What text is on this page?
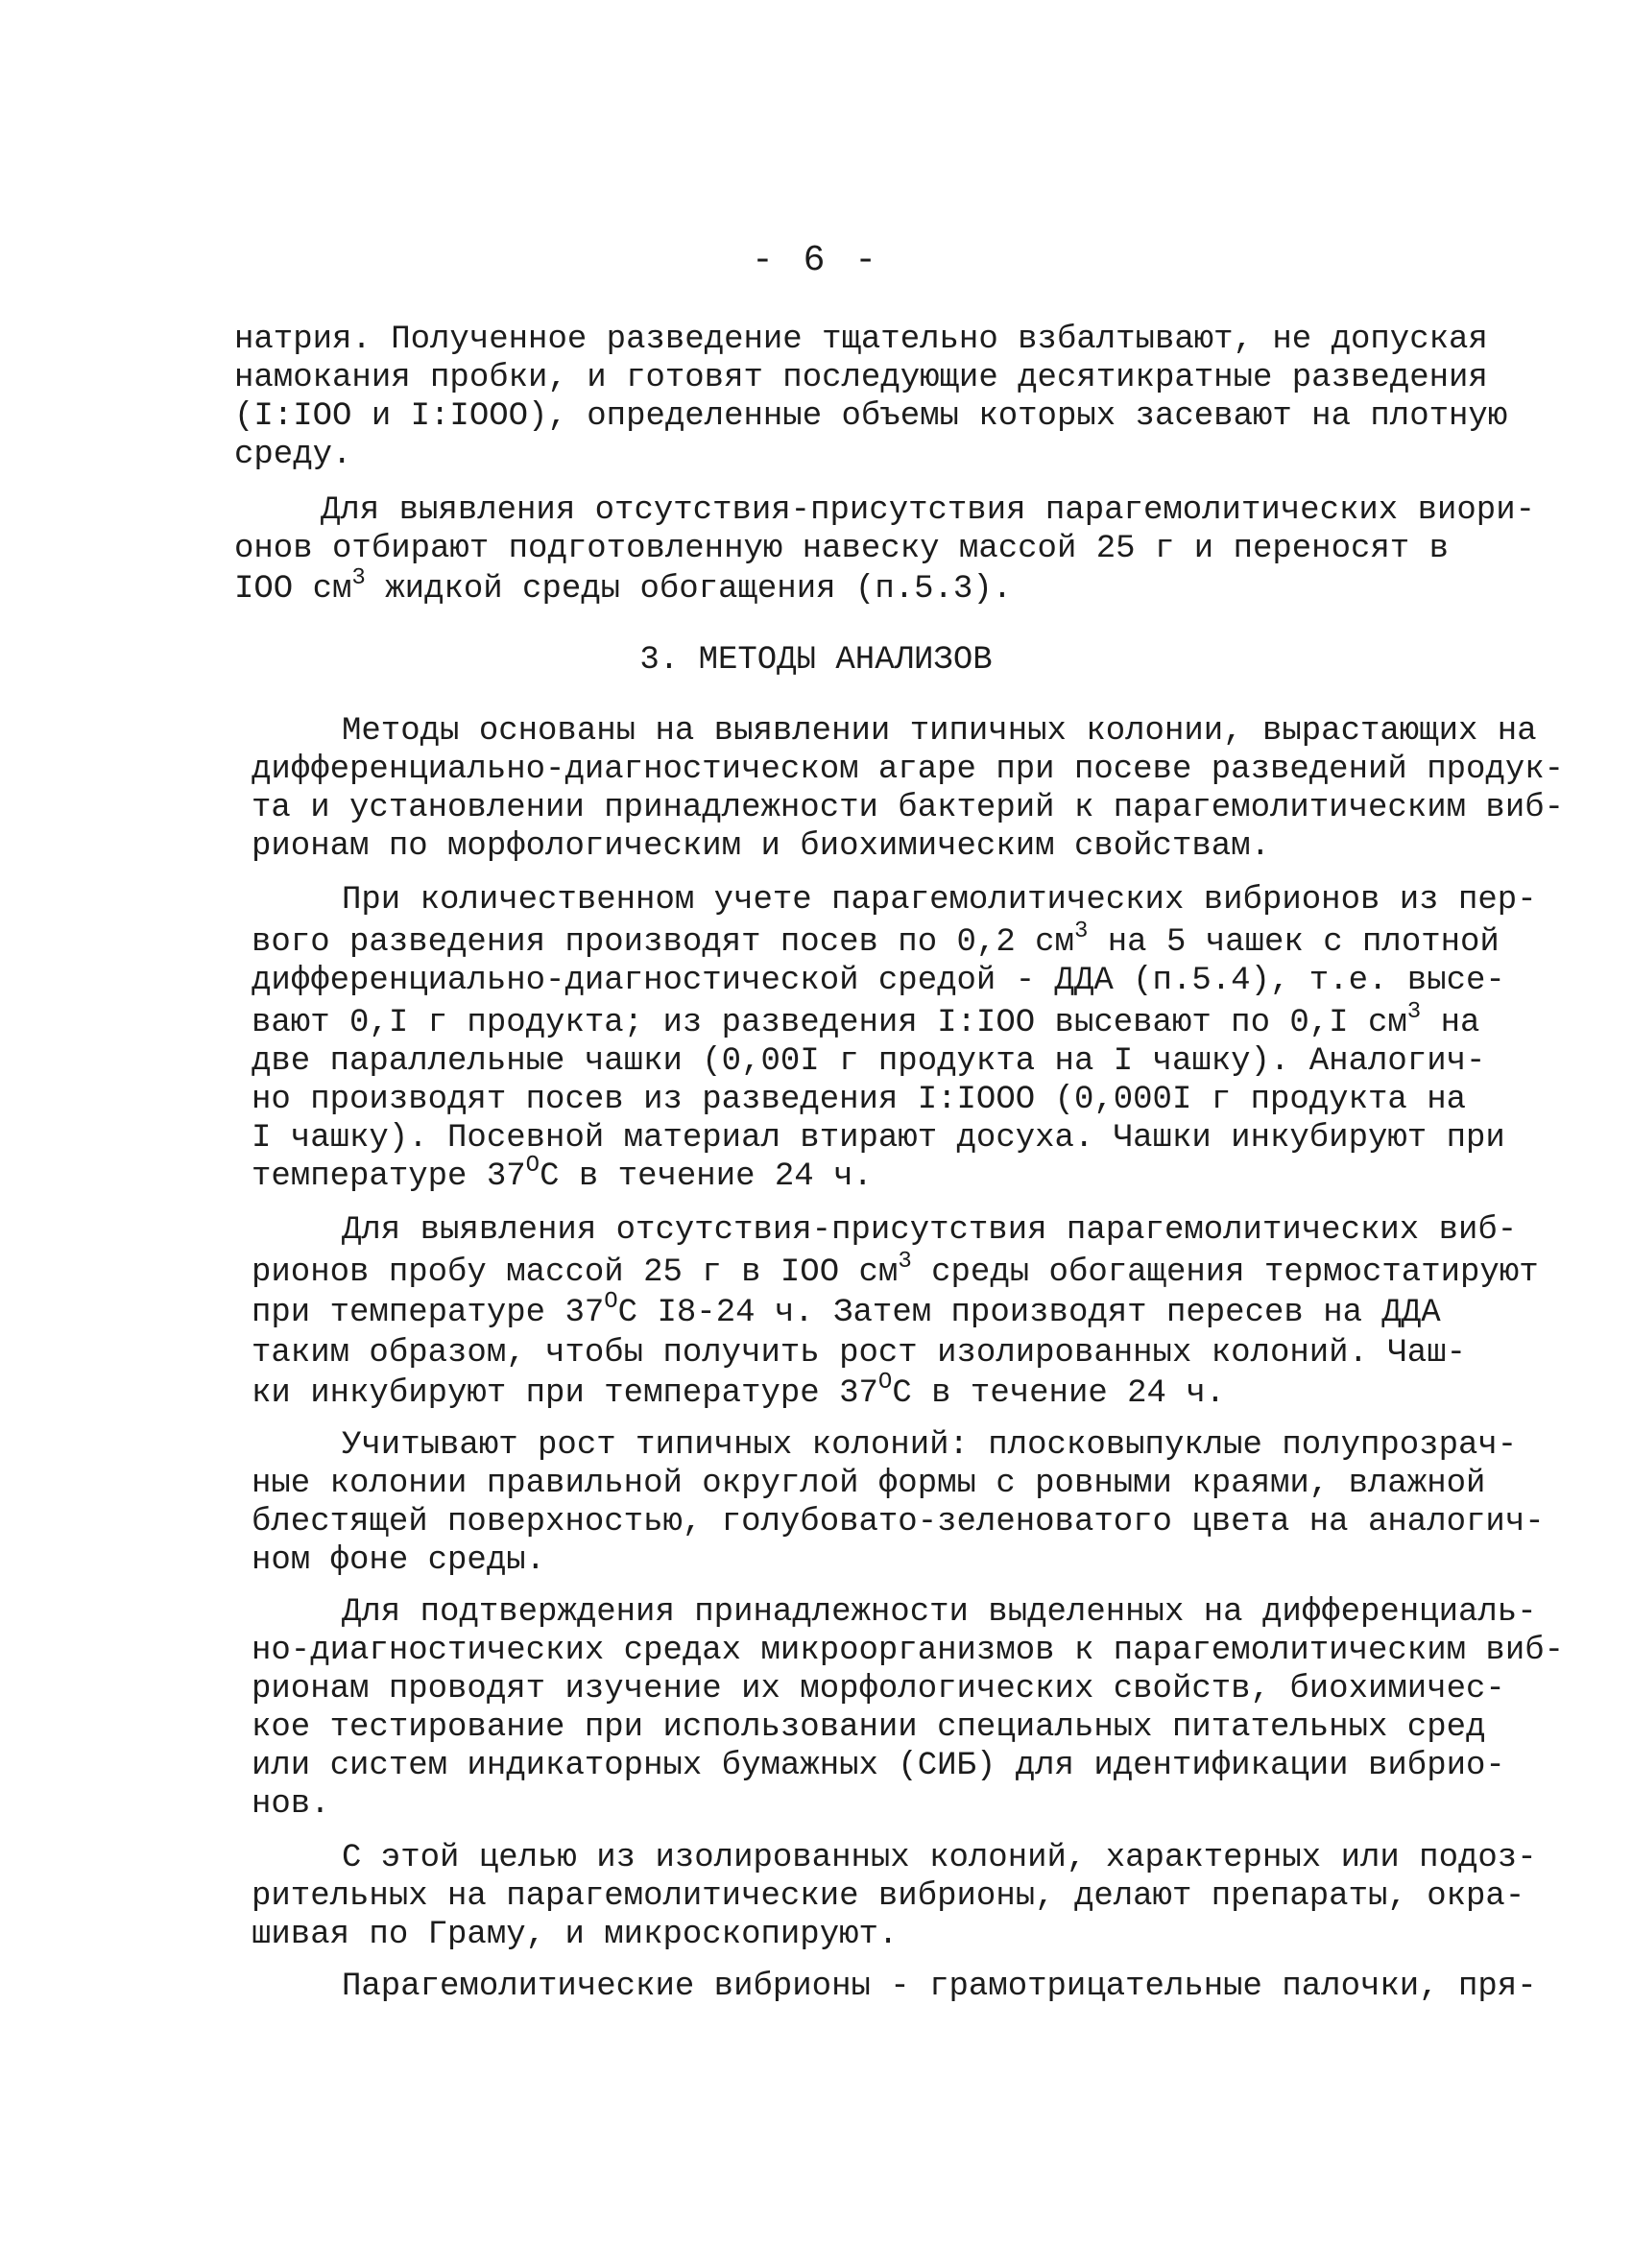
- 6 -
натрия. Полученное разведение тщательно взбалтывают, не допуская
намокания пробки, и готовят последующие десятикратные разведения
(I:IOO и I:IOOO), определенные объемы которых засевают на плотную
среду.
Для выявления отсутствия-присутствия парагемолитических виори-
онов отбирают подготовленную навеску массой 25 г и переносят в
IOO $см^3$ жидкой среды обогащения (п.5.3).
3. МЕТОДЫ АНАЛИЗОВ
Методы основаны на выявлении типичных колонии, вырастающих на
дифференциально-диагностическом агаре при посеве разведений продук-
та и установлении принадлежности бактерий к парагемолитическим виб-
рионам по морфологическим и биохимическим свойствам.
При количественном учете парагемолитических вибрионов из пер-
вого разведения производят посев по 0,2 $см^3$ на 5 чашек с плотной
дифференциально-диагностической средой - ДДА (п.5.4), т.е. высе-
вают 0,I г продукта; из разведения I:IOO высевают по 0,I $см^3$ на
две параллельные чашки (0,00I г продукта на I чашку). Аналогич-
но производят посев из разведения I:IOOO (0,000I г продукта на
I чашку). Посевной материал втирают досуха. Чашки инкубируют при
температуре $37^ОС$ в течение 24 ч.
Для выявления отсутствия-присутствия парагемолитических виб-
рионов пробу массой 25 г в IOO $см^3$ среды обогащения термостатируют
при температуре $37^ОС$ I8-24 ч. Затем производят пересев на ДДА
таким образом, чтобы получить рост изолированных колоний. Чаш-
ки инкубируют при температуре $37^ОС$ в течение 24 ч.
Учитывают рост типичных колоний: плосковыпуклые полупрозрач-
ные колонии правильной округлой формы с ровными краями, влажной
блестящей поверхностью, голубовато-зеленоватого цвета на аналогич-
ном фоне среды.
Для подтверждения принадлежности выделенных на дифференциаль-
но-диагностических средах микроорганизмов к парагемолитическим виб-
рионам проводят изучение их морфологических свойств, биохимичес-
кое тестирование при использовании специальных питательных сред
или систем индикаторных бумажных (СИБ) для идентификации вибрио-
нов.
С этой целью из изолированных колоний, характерных или подоз-
рительных на парагемолитические вибрионы, делают препараты, окра-
шивая по Граму, и микроскопируют.
Парагемолитические вибрионы - грамотрицательные палочки, пря-
